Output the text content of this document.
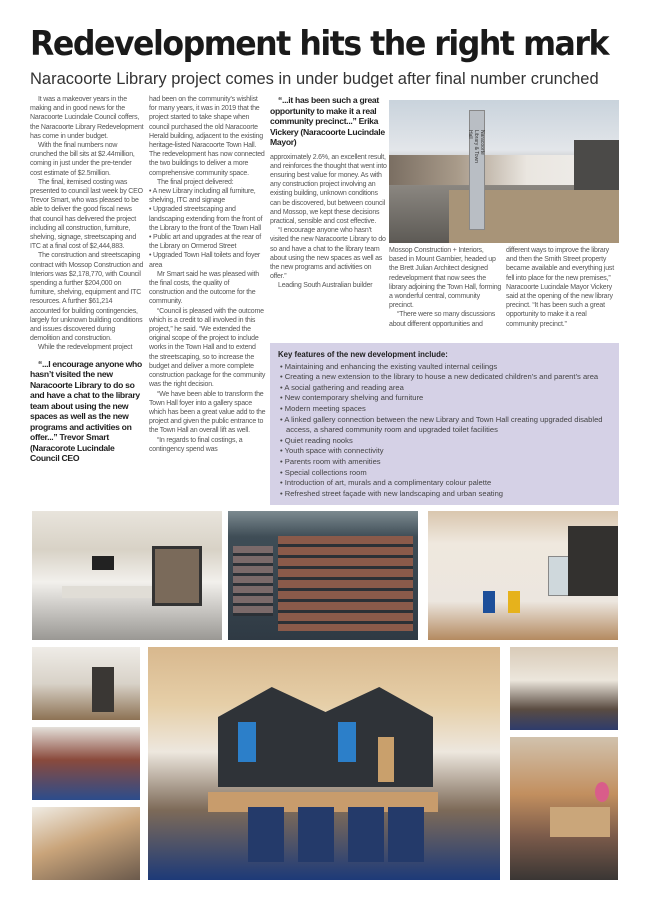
Redevelopment hits the right mark
Naracoorte Library project comes in under budget after final number crunched

It was a makeover years in the making and in good news for the Naracoorte Lucindale Council coffers, the Naracoorte Library Redevelopment has come in under budget.

With the final numbers now crunched the bill sits at $2.44million, coming in just under the pre-tender cost estimate of $2.5million.

The final, itemised costing was presented to council last week by CEO Trevor Smart, who was pleased to be able to deliver the good fiscal news that council has delivered the project including all construction, furniture, shelving, signage, streetscaping and ITC at a final cost of $2,444,883.

The construction and streetscaping contract with Mossop Construction and Interiors was $2,178,770, with Council spending a further $204,000 on furniture, shelving, equipment and ITC resources. A further $61,214 accounted for building contingencies, largely for unknown building conditions and issues discovered during demolition and construction.

While the redevelopment project

“...I encourage anyone who hasn’t visited the new Naracoorte Library to do so and have a chat to the library team about using the new spaces as well as the new programs and activities on offer...” Trevor Smart (Naracorote Lucindale Council CEO

had been on the community’s wishlist for many years, it was in 2019 that the project started to take shape when council purchased the old Naracoorte Herald building, adjacent to the existing heritage-listed Naracoorte Town Hall. The redevelopment has now connected the two buildings to deliver a more comprehensive community space.

The final project delivered:

• A new Library including all furniture, shelving, ITC and signage

• Upgraded streetscaping and landscaping extending from the front of the Library to the front of the Town Hall

• Public art and upgrades at the rear of the Library on Ormerod Street

• Upgraded Town Hall toilets and foyer area

Mr Smart said he was pleased with the final costs, the quality of construction and the outcome for the community.

“Council is pleased with the outcome which is a credit to all involved in this project,” he said. “We extended the original scope of the project to include works in the Town Hall and to extend the streetscaping, so to increase the budget and deliver a more complete construction package for the community was the right decision.

“We have been able to transform the Town Hall foyer into a gallery space which has been a great value add to the project and given the public entrance to the Town Hall an overall lift as well.

“In regards to final costings, a contingency spend was

“...it has been such a great opportunity to make it a real community precinct...” Erika Vickery (Naracoorte Lucindale Mayor)

approximately 2.6%, an excellent result, and reinforces the thought that went into ensuring best value for money. As with any construction project involving an existing building, unknown conditions can be discovered, but between council and Mossop, we kept these decisions practical, sensible and cost effective.

“I encourage anyone who hasn’t visited the new Naracoorte Library to do so and have a chat to the library team about using the new spaces as well as the new programs and activities on offer.”

Leading South Australian builder

Naracoorte Library & Town Hall

Mossop Construction + Interiors, based in Mount Gambier, headed up the Brett Julian Architect designed redevelopment that now sees the library adjoining the Town Hall, forming a wonderful central, community precinct.

“There were so many discussions about different opportunities and

different ways to improve the library and then the Smith Street property became available and everything just fell into place for the new premises,” Naracoorte Lucindale Mayor Vickery said at the opening of the new library precinct. “It has been such a great opportunity to make it a real community precinct.”

Key features of the new development include:
• Maintaining and enhancing the existing vaulted internal ceilings
• Creating a new extension to the library to house a new dedicated children’s and parent’s area
• A social gathering and reading area
• New contemporary shelving and furniture
• Modern meeting spaces
• A linked gallery connection between the new Library and Town Hall creating upgraded disabled access, a shared community room and upgraded toilet facilities
• Quiet reading nooks
• Youth space with connectivity
• Parents room with amenities
• Special collections room
• Introduction of art, murals and a complimentary colour palette
• Refreshed street façade with new landscaping and urban seating
